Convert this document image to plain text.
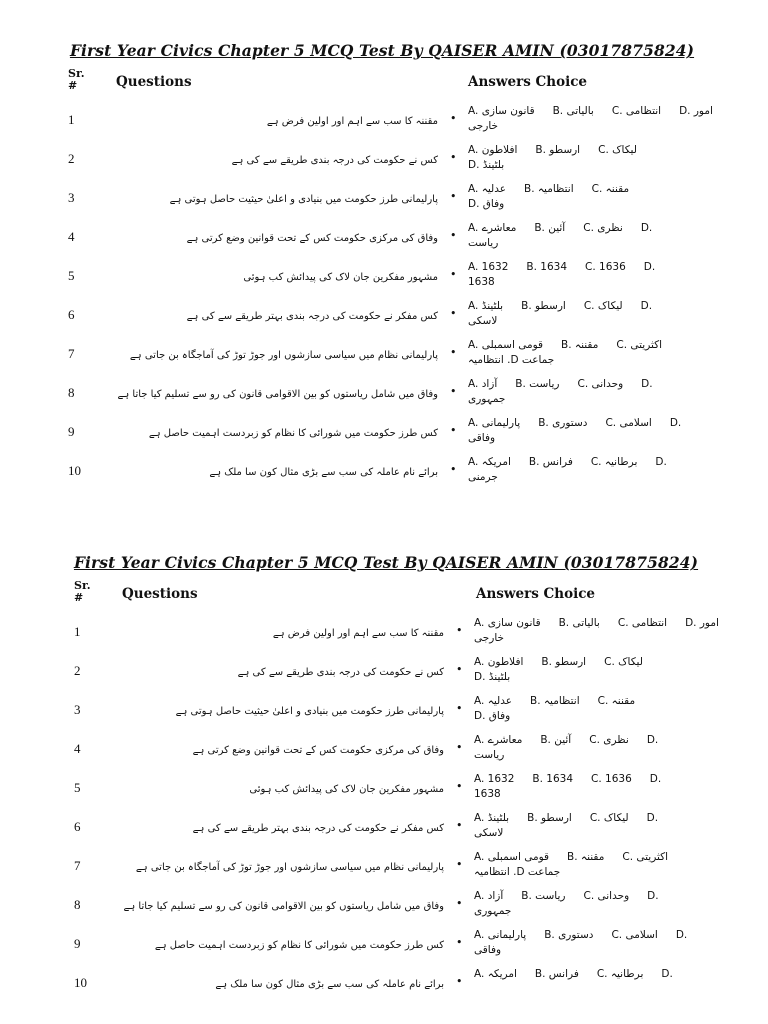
First Year Civics Chapter 5 MCQ Test By QAISER AMIN (03017875824)
Sr.
#	Questions	Answers Choice
1	مقننہ کا سب سے اہم اور اولین فرض ہے •
A. قانون سازی B. بالیاتی C. انتظامی D. امور
خارجی
2	کس نے حکومت کی درجہ بندی طریقے سے کی ہے •
A. افلاطون B. ارسطو C. لیکاک
D. بلٹینڈ
3	پارلیمانی طرز حکومت میں بنیادی و اعلیٰ حیثیت حاصل ہوتی ہے •
A. عدلیہ B. انتظامیہ C. مقننہ
D. وفاق
4	وفاق کی مرکزی حکومت کس کے تحت قوانین وضع کرتی ہے •
A. معاشرے B. آئین C. نظری D.
ریاست
5	مشہور مفکرین جان لاک کی پیدائش کب ہوئی •
A. 1632 B. 1634 C. 1636 D.
1638
6	کس مفکر نے حکومت کی درجہ بندی بہتر طریقے سے کی ہے •
A. بلٹینڈ B. ارسطو C. لیکاک D.
لاسکی
7	پارلیمانی نظام میں سیاسی سازشوں اور جوڑ توڑ کی آماجگاہ بن جاتی ہے •
A. قومی اسمبلی B. مقننہ C. اکثریتی
جماعت D. انتظامیہ
8	وفاق میں شامل ریاستوں کو بین الاقوامی قانون کی رو سے تسلیم کیا جاتا ہے •
A. آزاد B. ریاست C. وحدانی D.
جمہوری
9	کس طرز حکومت میں شورائی کا نظام کو زبردست اہمیت حاصل ہے •
A. پارلیمانی B. دستوری C. اسلامی D.
وفاقی
10	برائے نام عاملہ کی سب سے بڑی مثال کون سا ملک ہے •
A. امریکہ B. فرانس C. برطانیہ D.
جرمنی
First Year Civics Chapter 5 MCQ Test By QAISER AMIN (03017875824)
Sr.
#	Questions	Answers Choice
1	مقننہ کا سب سے اہم اور اولین فرض ہے •
A. قانون سازی B. بالیاتی C. انتظامی D. امور
خارجی
2	کس نے حکومت کی درجہ بندی طریقے سے کی ہے •
A. افلاطون B. ارسطو C. لیکاک
D. بلٹینڈ
3	پارلیمانی طرز حکومت میں بنیادی و اعلیٰ حیثیت حاصل ہوتی ہے •
A. عدلیہ B. انتظامیہ C. مقننہ
D. وفاق
4	وفاق کی مرکزی حکومت کس کے تحت قوانین وضع کرتی ہے •
A. معاشرے B. آئین C. نظری D.
ریاست
5	مشہور مفکرین جان لاک کی پیدائش کب ہوئی •
A. 1632 B. 1634 C. 1636 D.
1638
6	کس مفکر نے حکومت کی درجہ بندی بہتر طریقے سے کی ہے •
A. بلٹینڈ B. ارسطو C. لیکاک D.
لاسکی
7	پارلیمانی نظام میں سیاسی سازشوں اور جوڑ توڑ کی آماجگاہ بن جاتی ہے •
A. قومی اسمبلی B. مقننہ C. اکثریتی
جماعت D. انتظامیہ
8	وفاق میں شامل ریاستوں کو بین الاقوامی قانون کی رو سے تسلیم کیا جاتا ہے •
A. آزاد B. ریاست C. وحدانی D.
جمہوری
9	کس طرز حکومت میں شورائی کا نظام کو زبردست اہمیت حاصل ہے •
A. پارلیمانی B. دستوری C. اسلامی D.
وفاقی
10	برائے نام عاملہ کی سب سے بڑی مثال کون سا ملک ہے •
A. امریکہ B. فرانس C. برطانیہ D.
